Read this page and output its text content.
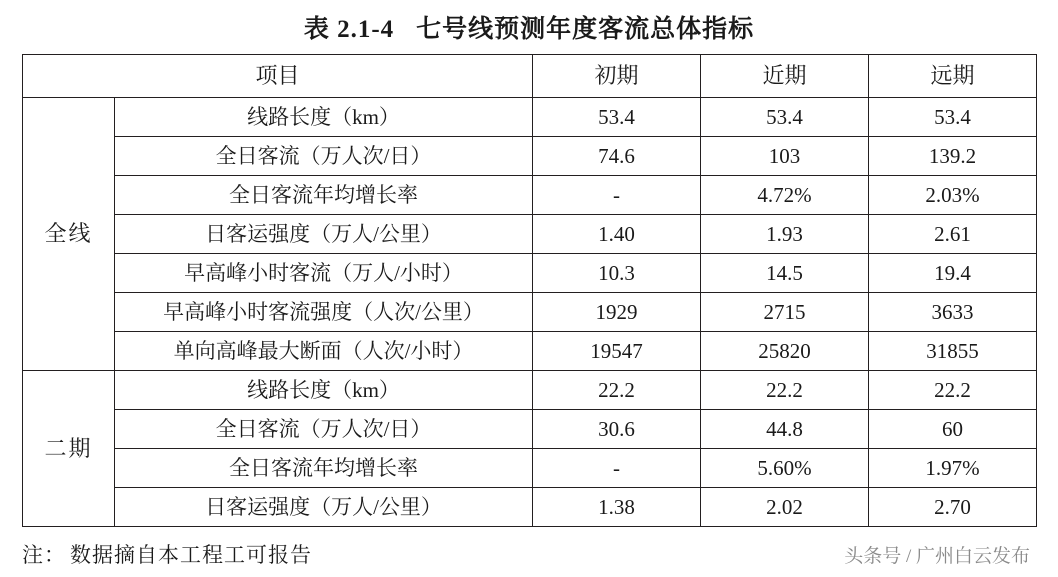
表 2.1-4 七号线预测年度客流总体指标
项目		初期	近期	远期
全线	线路长度（km）	53.4	53.4	53.4
	全日客流（万人次/日）	74.6	103	139.2
	全日客流年均增长率	-	4.72%	2.03%
	日客运强度（万人/公里）	1.40	1.93	2.61
	早高峰小时客流（万人/小时）	10.3	14.5	19.4
	早高峰小时客流强度（人次/公里）	1929	2715	3633
	单向高峰最大断面（人次/小时）	19547	25820	31855
二期	线路长度（km）	22.2	22.2	22.2
	全日客流（万人次/日）	30.6	44.8	60
	全日客流年均增长率	-	5.60%	1.97%
	日客运强度（万人/公里）	1.38	2.02	2.70
注： 数据摘自本工程工可报告	头条号 / 广州白云发布
